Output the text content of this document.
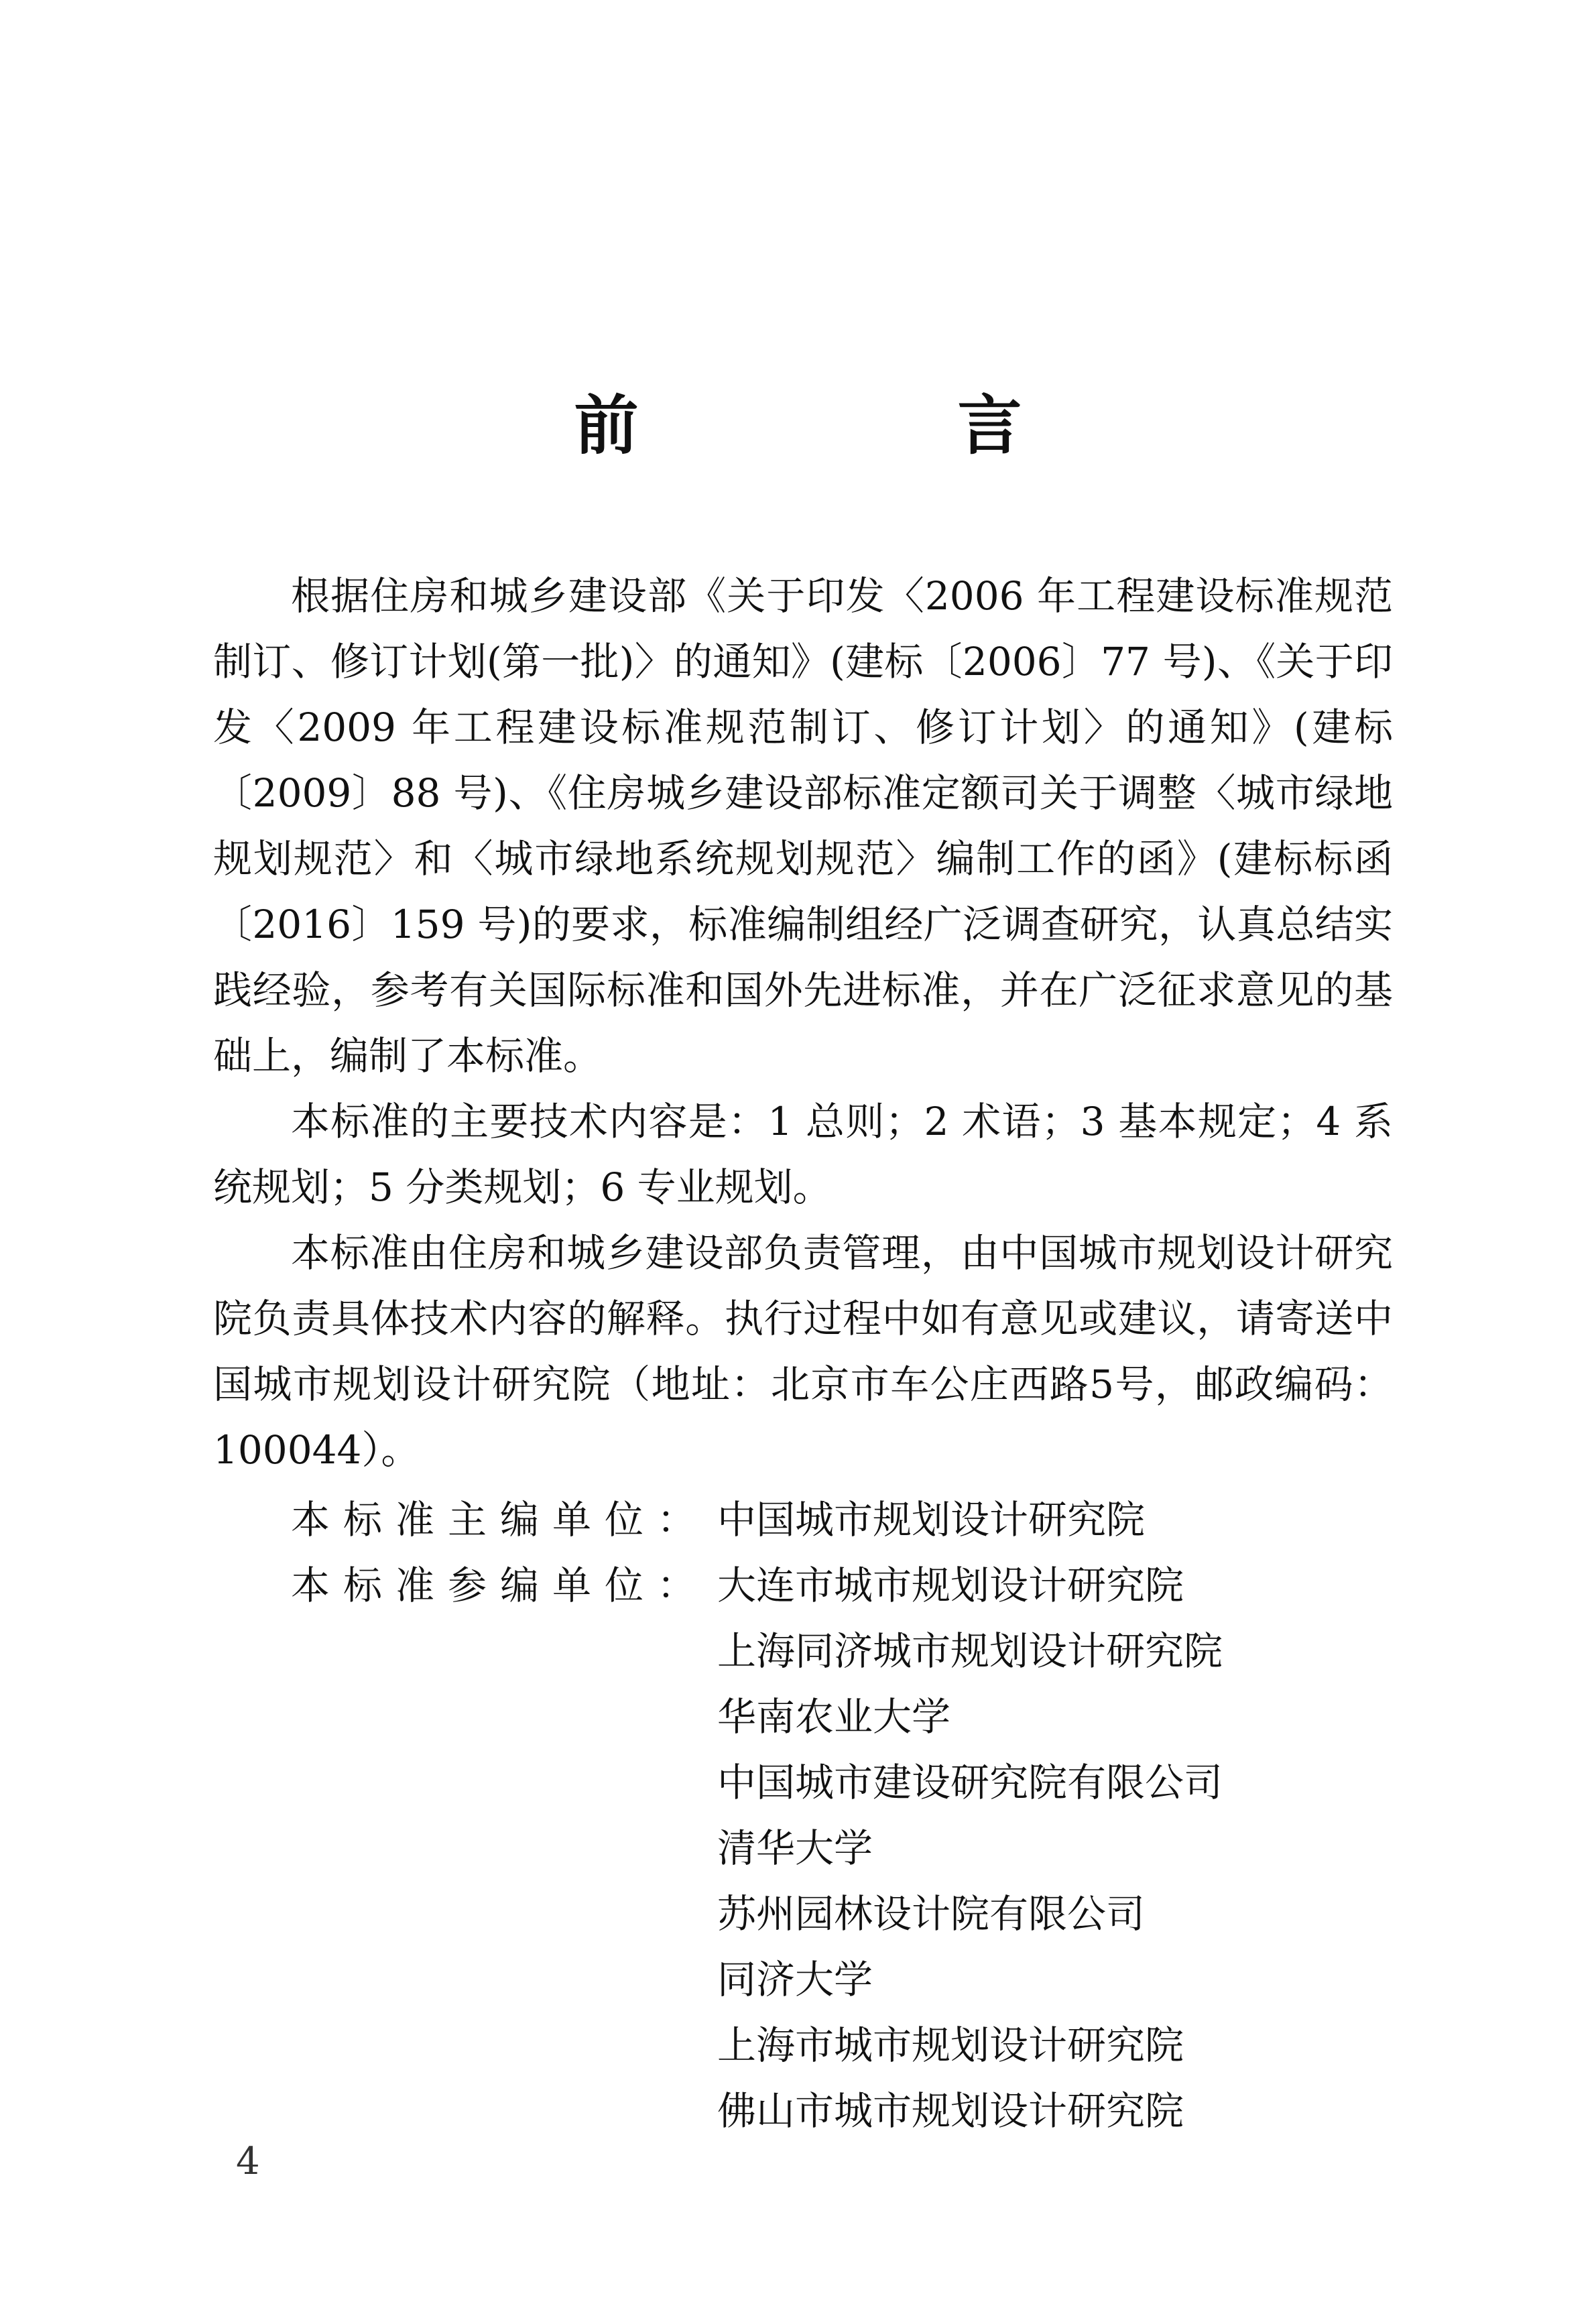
前　言

根据住房和城乡建设部《关于印发〈2006 年工程建设标准规范制订、修订计划(第一批)〉的通知》(建标〔2006〕77 号)、《关于印发〈2009 年工程建设标准规范制订、修订计划〉的通知》(建标〔2009〕88 号)、《住房城乡建设部标准定额司关于调整〈城市绿地规划规范〉和〈城市绿地系统规划规范〉编制工作的函》(建标标函〔2016〕159 号)的要求，标准编制组经广泛调查研究，认真总结实践经验，参考有关国际标准和国外先进标准，并在广泛征求意见的基础上，编制了本标准。

本标准的主要技术内容是：1 总则；2 术语；3 基本规定；4 系统规划；5 分类规划；6 专业规划。

本标准由住房和城乡建设部负责管理，由中国城市规划设计研究院负责具体技术内容的解释。执行过程中如有意见或建议，请寄送中国城市规划设计研究院（地址：北京市车公庄西路5号，邮政编码：100044）。

本标准主编单位： 中国城市规划设计研究院
本标准参编单位： 大连市城市规划设计研究院
上海同济城市规划设计研究院
华南农业大学
中国城市建设研究院有限公司
清华大学
苏州园林设计院有限公司
同济大学
上海市城市规划设计研究院
佛山市城市规划设计研究院
4
